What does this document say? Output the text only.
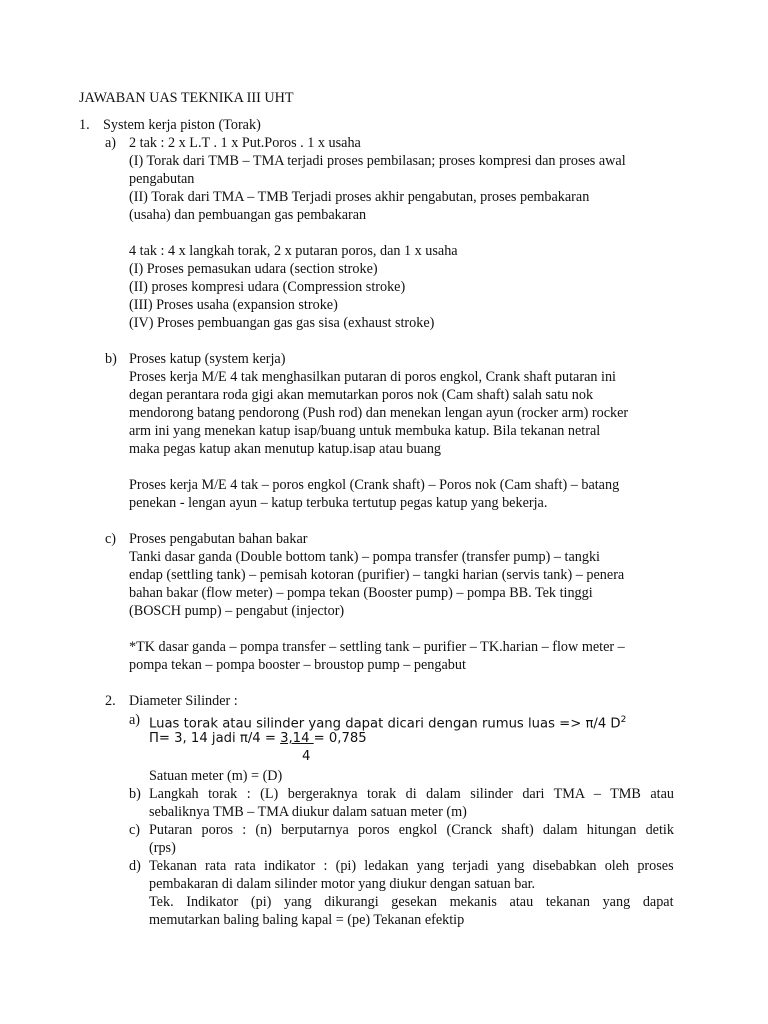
JAWABAN UAS TEKNIKA III UHT
1. System kerja piston (Torak)
a) 2 tak : 2 x L.T . 1 x Put.Poros . 1 x usaha
(I) Torak dari TMB – TMA terjadi proses pembilasan; proses kompresi dan proses awal
pengabutan
(II) Torak dari TMA – TMB Terjadi proses akhir pengabutan, proses pembakaran
(usaha) dan pembuangan gas pembakaran
4 tak : 4 x langkah torak, 2 x putaran poros, dan 1 x usaha
(I) Proses pemasukan udara (section stroke)
(II) proses kompresi udara (Compression stroke)
(III) Proses usaha (expansion stroke)
(IV) Proses pembuangan gas gas sisa (exhaust stroke)
b) Proses katup (system kerja)
Proses kerja M/E 4 tak menghasilkan putaran di poros engkol, Crank shaft putaran ini
degan perantara roda gigi akan memutarkan poros nok (Cam shaft) salah satu nok
mendorong batang pendorong (Push rod) dan menekan lengan ayun (rocker arm) rocker
arm ini yang menekan katup isap/buang untuk membuka katup. Bila tekanan netral
maka pegas katup akan menutup katup.isap atau buang
Proses kerja M/E 4 tak – poros engkol (Crank shaft) – Poros nok (Cam shaft) – batang
penekan - lengan ayun – katup terbuka tertutup pegas katup yang bekerja.
c) Proses pengabutan bahan bakar
Tanki dasar ganda (Double bottom tank) – pompa transfer (transfer pump) – tangki
endap (settling tank) – pemisah kotoran (purifier) – tangki harian (servis tank) – penera
bahan bakar (flow meter) – pompa tekan (Booster pump) – pompa BB. Tek tinggi
(BOSCH pump) – pengabut (injector)
*TK dasar ganda – pompa transfer – settling tank – purifier – TK.harian – flow meter –
pompa tekan – pompa booster – broustop pump – pengabut
2. Diameter Silinder :
a) Luas torak atau silinder yang dapat dicari dengan rumus luas => π/4 $D^2$
Π= 3, 14 jadi π/4 = 3,14 = 0,785
4
Satuan meter (m) = (D)
b) Langkah torak : (L) bergeraknya torak di dalam silinder dari TMA – TMB atau
sebaliknya TMB – TMA diukur dalam satuan meter (m)
c) Putaran poros : (n) berputarnya poros engkol (Cranck shaft) dalam hitungan detik
(rps)
d) Tekanan rata rata indikator : (pi) ledakan yang terjadi yang disebabkan oleh proses
pembakaran di dalam silinder motor yang diukur dengan satuan bar.
Tek. Indikator (pi) yang dikurangi gesekan mekanis atau tekanan yang dapat
memutarkan baling baling kapal = (pe) Tekanan efektip
